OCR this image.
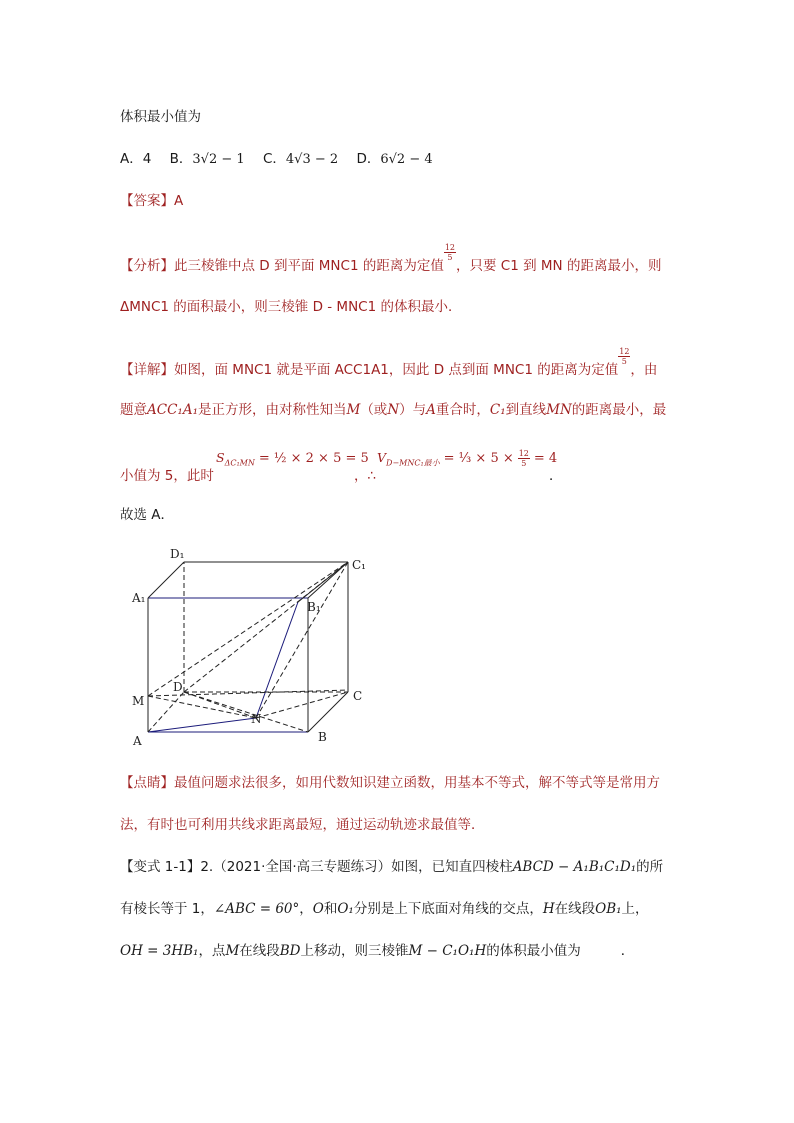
体积最小值为
A．4 B．3√2 − 1 C．4√3 − 2 D．6√2 − 4
【答案】A
【分析】此三棱锥中点 D 到平面 MNC1 的距离为定值
$\frac{12}{5}$
，只要 C1 到 MN 的距离最小，则
ΔMNC1 的面积最小，则三棱锥 D - MNC1 的体积最小．
【详解】如图，面 MNC1 就是平面 ACC1A1，因此 D 点到面 MNC1 的距离为定值
$\frac{12}{5}$
，由
题意ACC₁A₁是正方形，由对称性知当M（或N）与A重合时，C₁到直线MN的距离最小，最
$S_{\Delta C_1MN}$ = ½ × 2 × 5 = 5
小值为 5，此时	，∴
$V_{D-MNC_1最小}$ = ⅓ × $5 \times \frac{12}{5} = 4$
．
故选 A．
D₁
C₁
A₁
B₁
D
M	C
N
A	B
【点睛】最值问题求法很多，如用代数知识建立函数，用基本不等式，解不等式等是常用方
法，有时也可利用共线求距离最短，通过运动轨迹求最值等．
【变式 1-1】2.（2021·全国·高三专题练习）如图，已知直四棱柱ABCD − A₁B₁C₁D₁的所
有棱长等于 1，∠ABC = 60°，O和O₁分别是上下底面对角线的交点，H在线段OB₁上，
OH = 3HB₁，点M在线段BD上移动，则三棱锥M − C₁O₁H的体积最小值为	．
